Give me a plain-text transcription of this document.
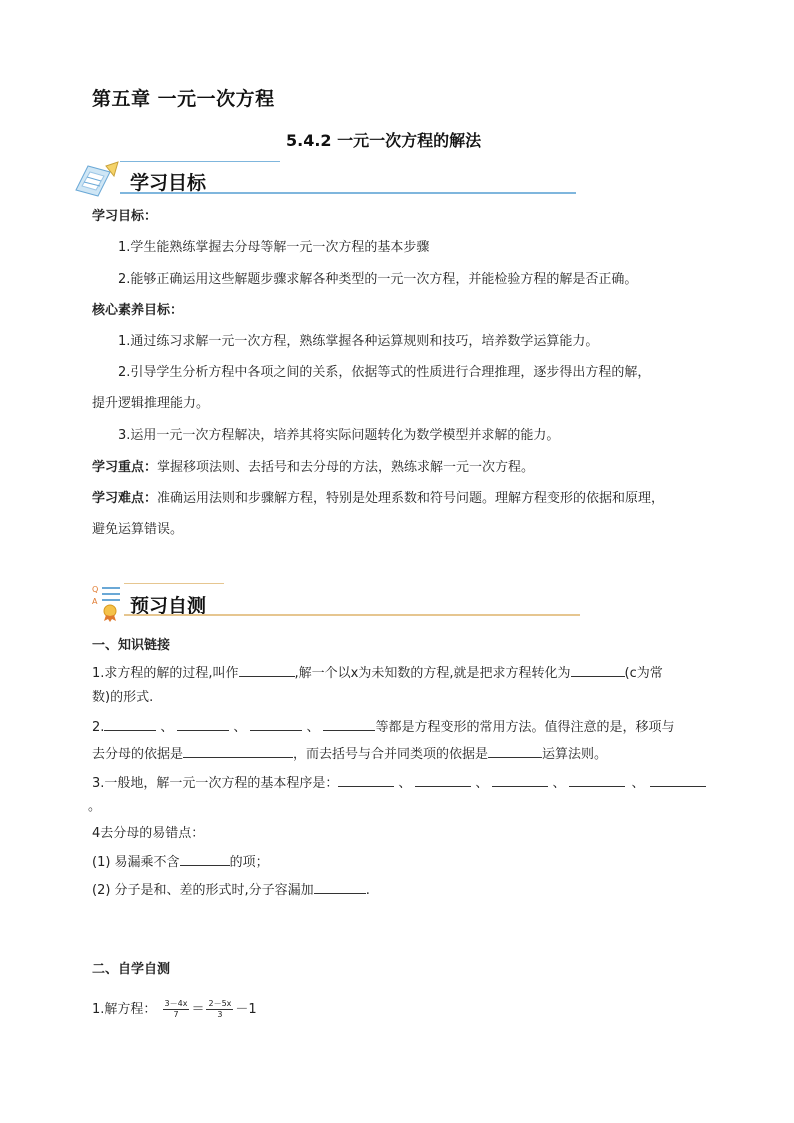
第五章 一元一次方程
5.4.2 一元一次方程的解法
学习目标
学习目标：
1.学生能熟练掌握去分母等解一元一次方程的基本步骤
2.能够正确运用这些解题步骤求解各种类型的一元一次方程，并能检验方程的解是否正确。
核心素养目标：
1.通过练习求解一元一次方程，熟练掌握各种运算规则和技巧，培养数学运算能力。
2.引导学生分析方程中各项之间的关系，依据等式的性质进行合理推理，逐步得出方程的解，
提升逻辑推理能力。
3.运用一元一次方程解决，培养其将实际问题转化为数学模型并求解的能力。
学习重点：掌握移项法则、去括号和去分母的方法，熟练求解一元一次方程。
学习难点：准确运用法则和步骤解方程，特别是处理系数和符号问题。理解方程变形的依据和原理，
避免运算错误。
Q
A 预习自测
一、知识链接
1.求方程的解的过程,叫作	,解一个以x为未知数的方程,就是把求方程转化为	(c为常
数)的形式.
2.	、	、	、	等都是方程变形的常用方法。值得注意的是，移项与
去分母的依据是	，而去括号与合并同类项的依据是	运算法则。
3.一般地，解一元一次方程的基本程序是：	、	、	、	、
。
4去分母的易错点：
(1) 易漏乘不含	的项；
(2) 分子是和、差的形式时,分子容漏加	.
二、自学自测
1.解方程： $\frac{3-4x}{7} = \frac{2-5x}{3} -1$
